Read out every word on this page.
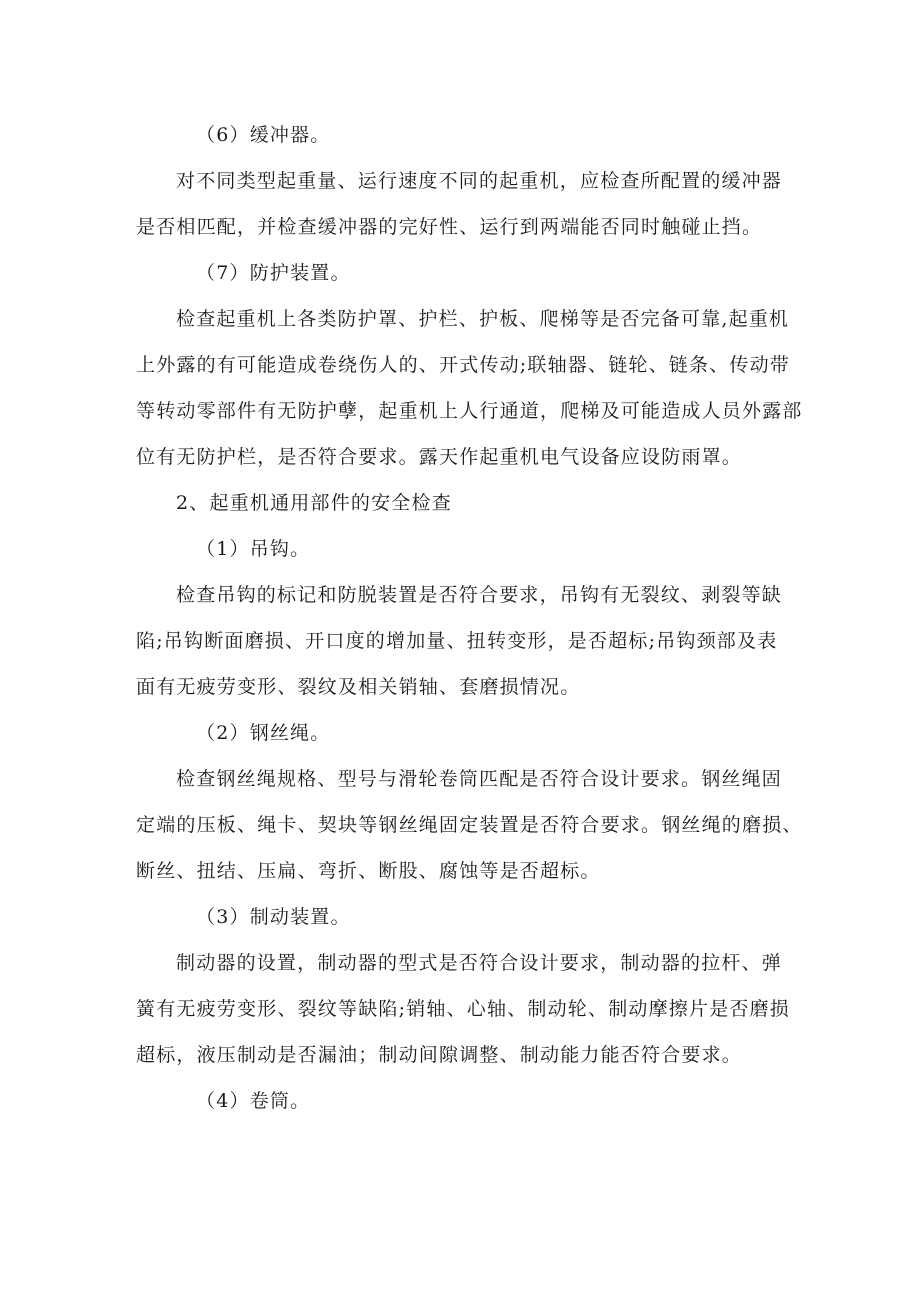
（6）缓冲器。

对不同类型起重量、运行速度不同的起重机，应检查所配置的缓冲器
是否相匹配，并检查缓冲器的完好性、运行到两端能否同时触碰止挡。

（7）防护装置。

检查起重机上各类防护罩、护栏、护板、爬梯等是否完备可靠,起重机
上外露的有可能造成卷绕伤人的、开式传动;联轴器、链轮、链条、传动带
等转动零部件有无防护孽，起重机上人行通道，爬梯及可能造成人员外露部
位有无防护栏，是否符合要求。露天作起重机电气设备应设防雨罩。

2、起重机通用部件的安全检查

（1）吊钩。

检查吊钩的标记和防脱装置是否符合要求，吊钩有无裂纹、剥裂等缺
陷;吊钩断面磨损、开口度的增加量、扭转变形，是否超标;吊钩颈部及表
面有无疲劳变形、裂纹及相关销轴、套磨损情况。

（2）钢丝绳。

检查钢丝绳规格、型号与滑轮卷筒匹配是否符合设计要求。钢丝绳固
定端的压板、绳卡、契块等钢丝绳固定装置是否符合要求。钢丝绳的磨损、
断丝、扭结、压扁、弯折、断股、腐蚀等是否超标。

（3）制动装置。

制动器的设置，制动器的型式是否符合设计要求，制动器的拉杆、弹
簧有无疲劳变形、裂纹等缺陷;销轴、心轴、制动轮、制动摩擦片是否磨损
超标，液压制动是否漏油；制动间隙调整、制动能力能否符合要求。

（4）卷筒。
